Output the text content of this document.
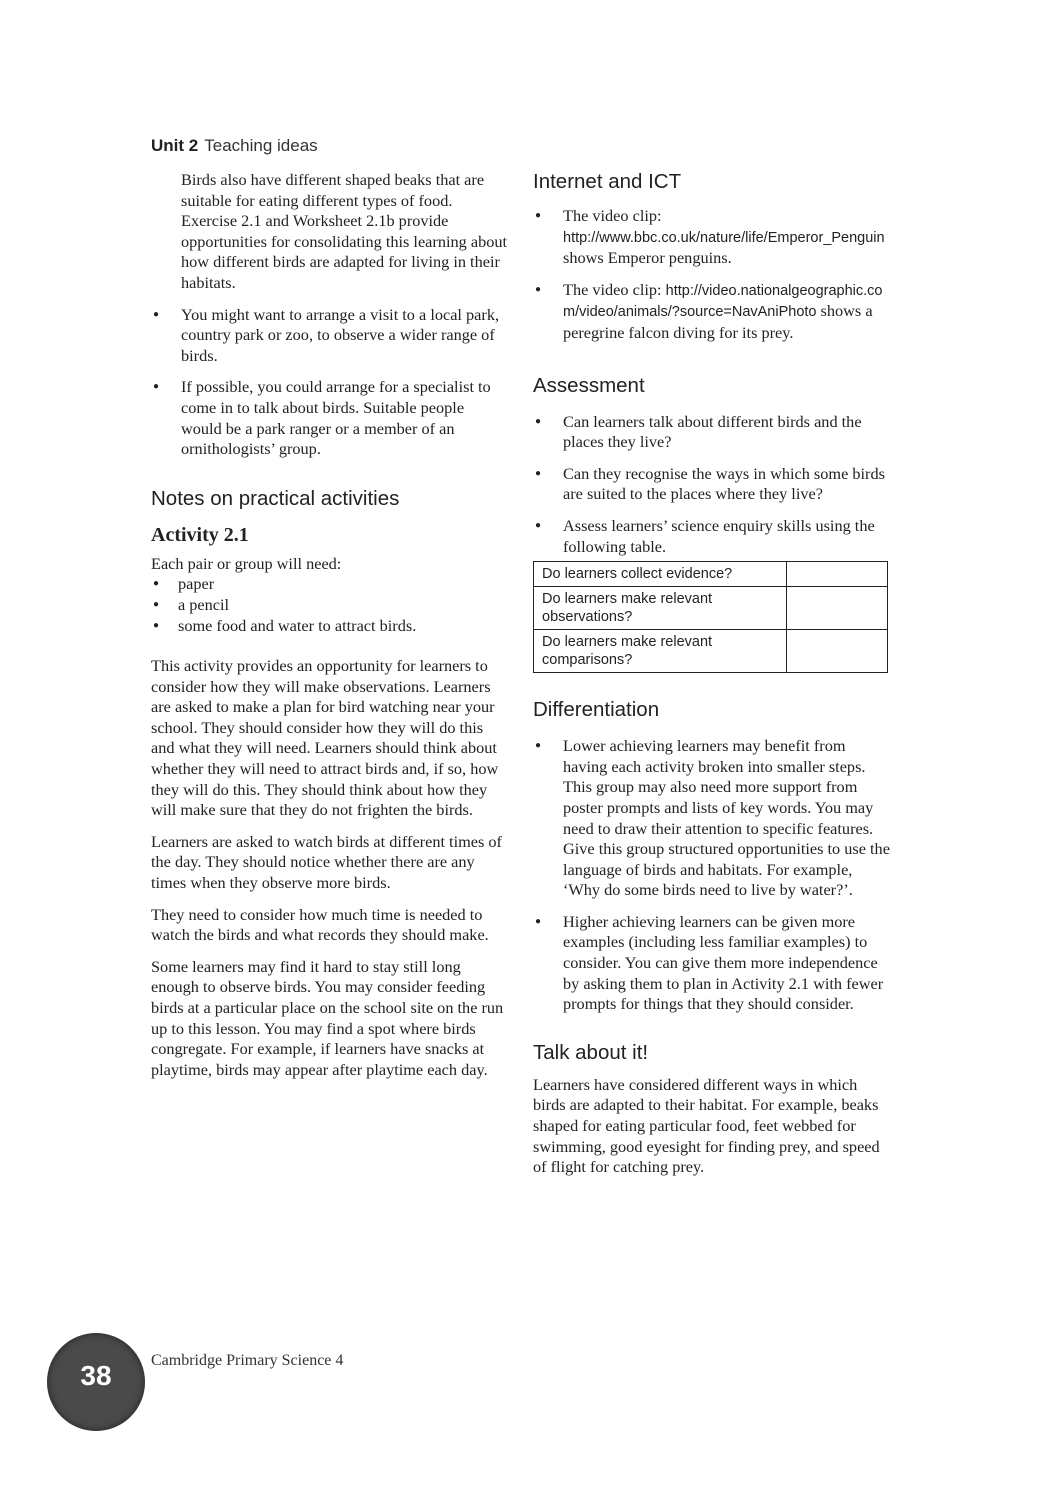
Unit 2 Teaching ideas

Birds also have different shaped beaks that are suitable for eating different types of food. Exercise 2.1 and Worksheet 2.1b provide opportunities for consolidating this learning about how different birds are adapted for living in their habitats.

● You might want to arrange a visit to a local park, country park or zoo, to observe a wider range of birds.
● If possible, you could arrange for a specialist to come in to talk about birds. Suitable people would be a park ranger or a member of an ornithologists’ group.
Notes on practical activities
Activity 2.1

Each pair or group will need:

● paper
● a pencil
● some food and water to attract birds.

This activity provides an opportunity for learners to consider how they will make observations. Learners are asked to make a plan for bird watching near your school. They should consider how they will do this and what they will need. Learners should think about whether they will need to attract birds and, if so, how they will do this. They should think about how they will make sure that they do not frighten the birds.

Learners are asked to watch birds at different times of the day. They should notice whether there are any times when they observe more birds.

They need to consider how much time is needed to watch the birds and what records they should make.

Some learners may find it hard to stay still long enough to observe birds. You may consider feeding birds at a particular place on the school site on the run up to this lesson. You may find a spot where birds congregate. For example, if learners have snacks at playtime, birds may appear after playtime each day.

Internet and ICT
● The video clip: http://www.bbc.co.uk/nature/life/Emperor_Penguin shows Emperor penguins.
● The video clip: http://video.nationalgeographic.com/video/animals/?source=NavAniPhoto shows a peregrine falcon diving for its prey.
Assessment
● Can learners talk about different birds and the places they live?
● Can they recognise the ways in which some birds are suited to the places where they live?
● Assess learners’ science enquiry skills using the following table.
Do learners collect evidence?	
Do learners make relevant observations?	
Do learners make relevant comparisons?	
Differentiation
● Lower achieving learners may benefit from having each activity broken into smaller steps. This group may also need more support from poster prompts and lists of key words. You may need to draw their attention to specific features. Give this group structured opportunities to use the language of birds and habitats. For example, ‘Why do some birds need to live by water?’.
● Higher achieving learners can be given more examples (including less familiar examples) to consider. You can give them more independence by asking them to plan in Activity 2.1 with fewer prompts for things that they should consider.
Talk about it!

Learners have considered different ways in which birds are adapted to their habitat. For example, beaks shaped for eating particular food, feet webbed for swimming, good eyesight for finding prey, and speed of flight for catching prey.

38	Cambridge Primary Science 4
